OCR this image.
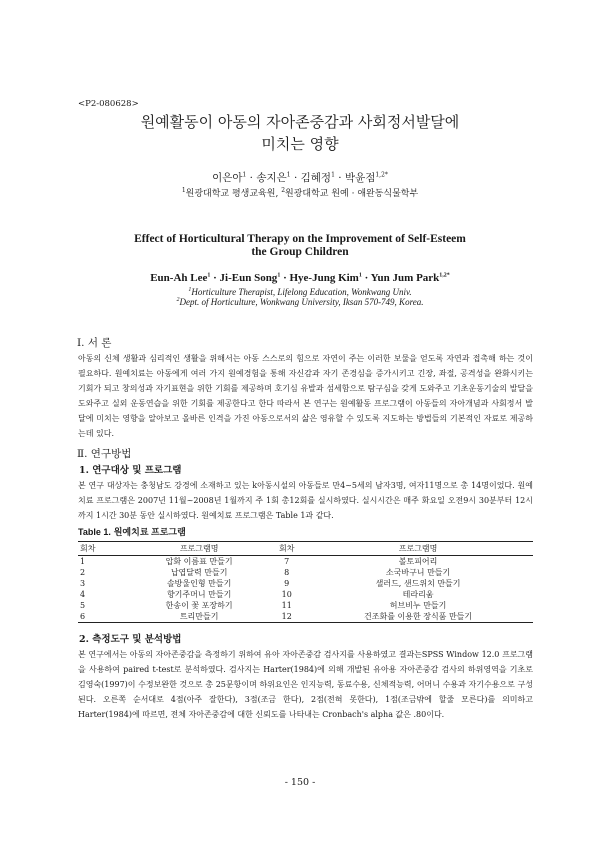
<P2-080628>
원예활동이 아동의 자아존중감과 사회정서발달에
미치는 영향
이은아$^1$ · 송지은$^1$ · 김혜정$^1$ · 박윤점$^{1,2*}$
$^1$원광대학교 평생교육원, $^2$원광대학교 원예 · 애완동식물학부
Effect of Horticultural Therapy on the Improvement of Self-Esteem
the Group Children
Eun-Ah Lee$^1$ · Ji-Eun Song$^1$ · Hye-Jung Kim$^1$ · Yun Jum Park$^{1,2*}$
$^1$Horticulture Therapist, Lifelong Education, Wonkwang Univ.
$^2$Dept. of Horticulture, Wonkwang University, Iksan 570-749, Korea.
Ⅰ. 서 론
아동의 신체 생활과 심리적인 생활을 위해서는 아동 스스로의 힘으로 자연이 주는 이러한 보물을 얻도록 자연과 접촉해 하는 것이 필요하다. 원예치료는 아동에게 여러 가지 원예경험을 통해 자신감과 자기 존경심을 증가시키고 긴장, 좌절, 공격성을 완화시키는 기회가 되고 창의성과 자기표현을 위한 기회를 제공하며 호기심 유발과 섬세함으로 탐구심을 갖게 도와주고 기초운동기술의 발달을 도와주고 실외 운동연습을 위한 기회를 제공한다고 한다 따라서 본 연구는 원예활동 프로그램이 아동들의 자아개념과 사회정서 발달에 미치는 영향을 알아보고 올바른 인격을 가진 아동으로서의 삶은 영유할 수 있도록 지도하는 방법들의 기본적인 자료로 제공하는데 있다.
Ⅱ. 연구방법
1. 연구대상 및 프로그램
본 연구 대상자는 충청남도 강경에 소재하고 있는 k아동시설의 아동들로 만4~5세의 남자3명, 여자11명으로 총 14명이었다. 원예치료 프로그램은 2007년 11월~2008년 1월까지 주 1회 총12회를 실시하였다. 실시시간은 매주 화요일 오전9시 30분부터 12시까지 1시간 30분 동안 실시하였다. 원예치료 프로그램은 Table 1과 같다.
Table 1. 원예치료 프로그램
회차	프로그램명	회차	프로그램명
1	압화 이름표 만들기	7	볼토피어리
2	납엽달력 만들기	8	소국바구니 만들기
3	솔방울인형 만들기	9	샐러드, 샌드위치 만들기
4	향기주머니 만들기	10	테라리움
5	한송이 꽃 포장하기	11	허브비누 만들기
6	트리만들기	12	건조화를 이용한 장식품 만들기
2. 측정도구 및 분석방법
본 연구에서는 아동의 자아존중감을 측정하기 위하여 유아 자아존중감 검사지를 사용하였고 결과는SPSS Window 12.0 프로그램을 사용하여 paired t-test로 분석하였다. 검사지는 Harter(1984)에 의해 개발된 유아용 자아존중감 검사의 하위영역을 기초로 김영숙(1997)이 수정보완한 것으로 총 25문항이며 하위요인은 인지능력, 동료수용, 신체적능력, 어머니 수용과 자기수용으로 구성된다. 오른쪽 순서대로 4점(아주 잘한다), 3점(조금 한다), 2점(전혀 못한다), 1점(조금밖에 할줄 모른다)를 의미하고 Harter(1984)에 따르면, 전체 자아존중감에 대한 신뢰도를 나타내는 Cronbach's alpha 값은 .80이다.
- 150 -
